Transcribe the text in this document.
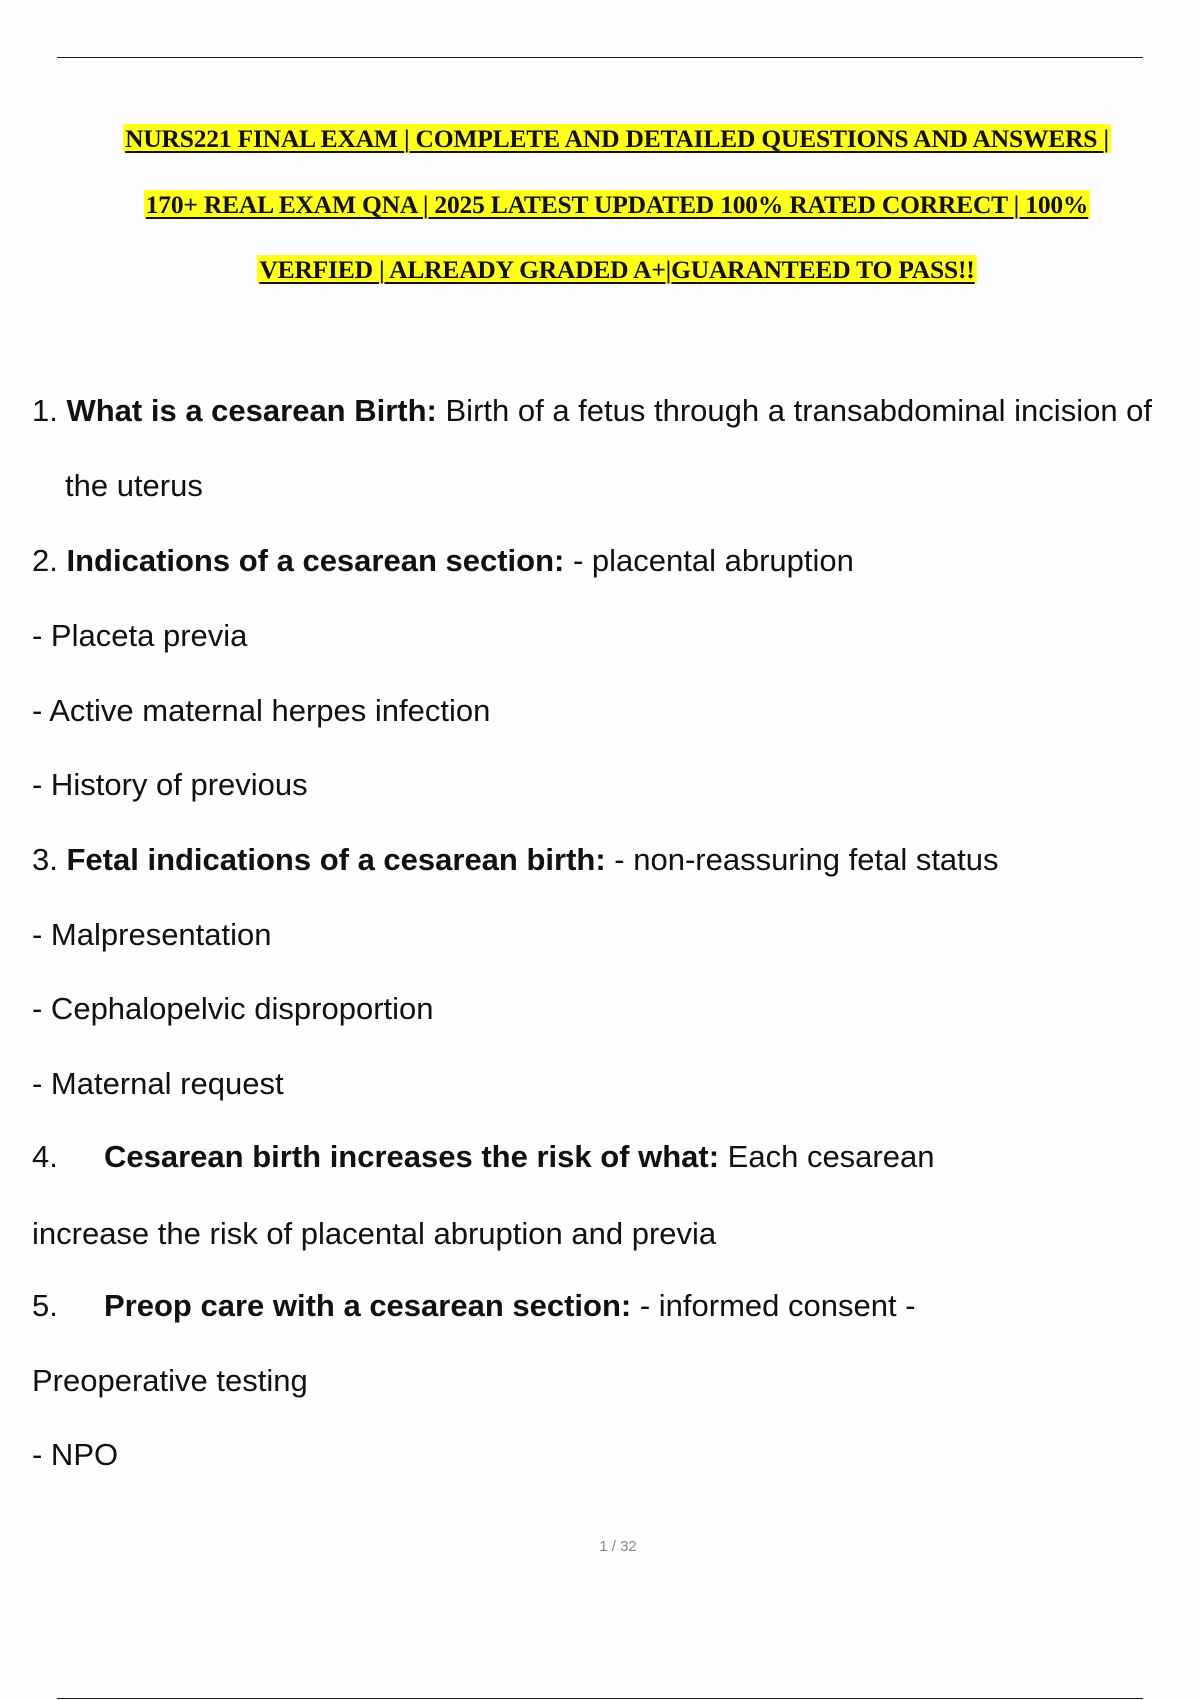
NURS221 FINAL EXAM | COMPLETE AND DETAILED QUESTIONS AND ANSWERS |
170+ REAL EXAM QNA | 2025 LATEST UPDATED 100% RATED CORRECT | 100%
VERFIED | ALREADY GRADED A+|GUARANTEED TO PASS!!
1. What is a cesarean Birth: Birth of a fetus through a transabdominal incision of
the uterus
2. Indications of a cesarean section: - placental abruption
- Placeta previa
- Active maternal herpes infection
- History of previous
3. Fetal indications of a cesarean birth: - non-reassuring fetal status
- Malpresentation
- Cephalopelvic disproportion
- Maternal request
4. Cesarean birth increases the risk of what: Each cesarean
increase the risk of placental abruption and previa
5. Preop care with a cesarean section: - informed consent -
Preoperative testing
- NPO
1 / 32
